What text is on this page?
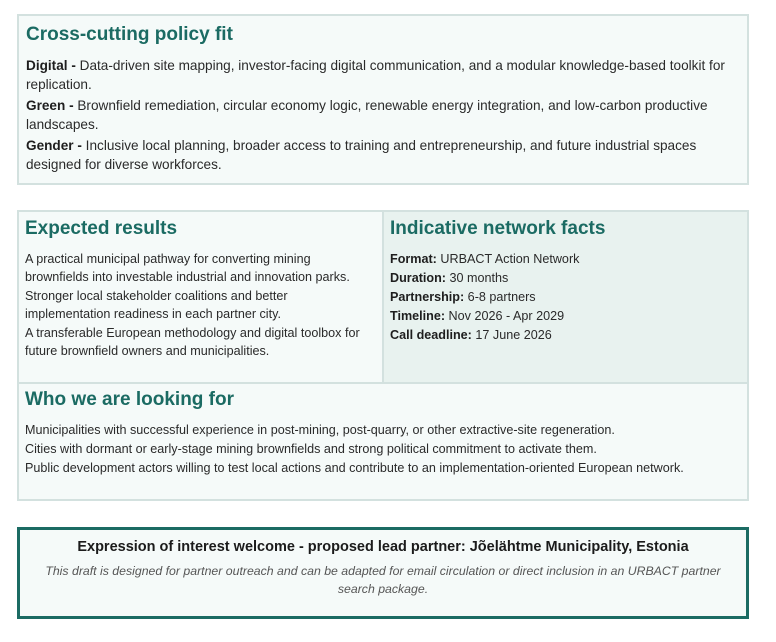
Cross-cutting policy fit

Digital - Data-driven site mapping, investor-facing digital communication, and a modular knowledge-based toolkit for replication.

Green - Brownfield remediation, circular economy logic, renewable energy integration, and low-carbon productive landscapes.

Gender - Inclusive local planning, broader access to training and entrepreneurship, and future industrial spaces designed for diverse workforces.

Expected results

A practical municipal pathway for converting mining brownfields into investable industrial and innovation parks.

Stronger local stakeholder coalitions and better implementation readiness in each partner city.

A transferable European methodology and digital toolbox for future brownfield owners and municipalities.

Indicative network facts

Format: URBACT Action Network

Duration: 30 months

Partnership: 6-8 partners

Timeline: Nov 2026 - Apr 2029

Call deadline: 17 June 2026

Who we are looking for

Municipalities with successful experience in post-mining, post-quarry, or other extractive-site regeneration.

Cities with dormant or early-stage mining brownfields and strong political commitment to activate them.

Public development actors willing to test local actions and contribute to an implementation-oriented European network.

Expression of interest welcome - proposed lead partner: Jõelähtme Municipality, Estonia
This draft is designed for partner outreach and can be adapted for email circulation or direct inclusion in an URBACT partner search package.
